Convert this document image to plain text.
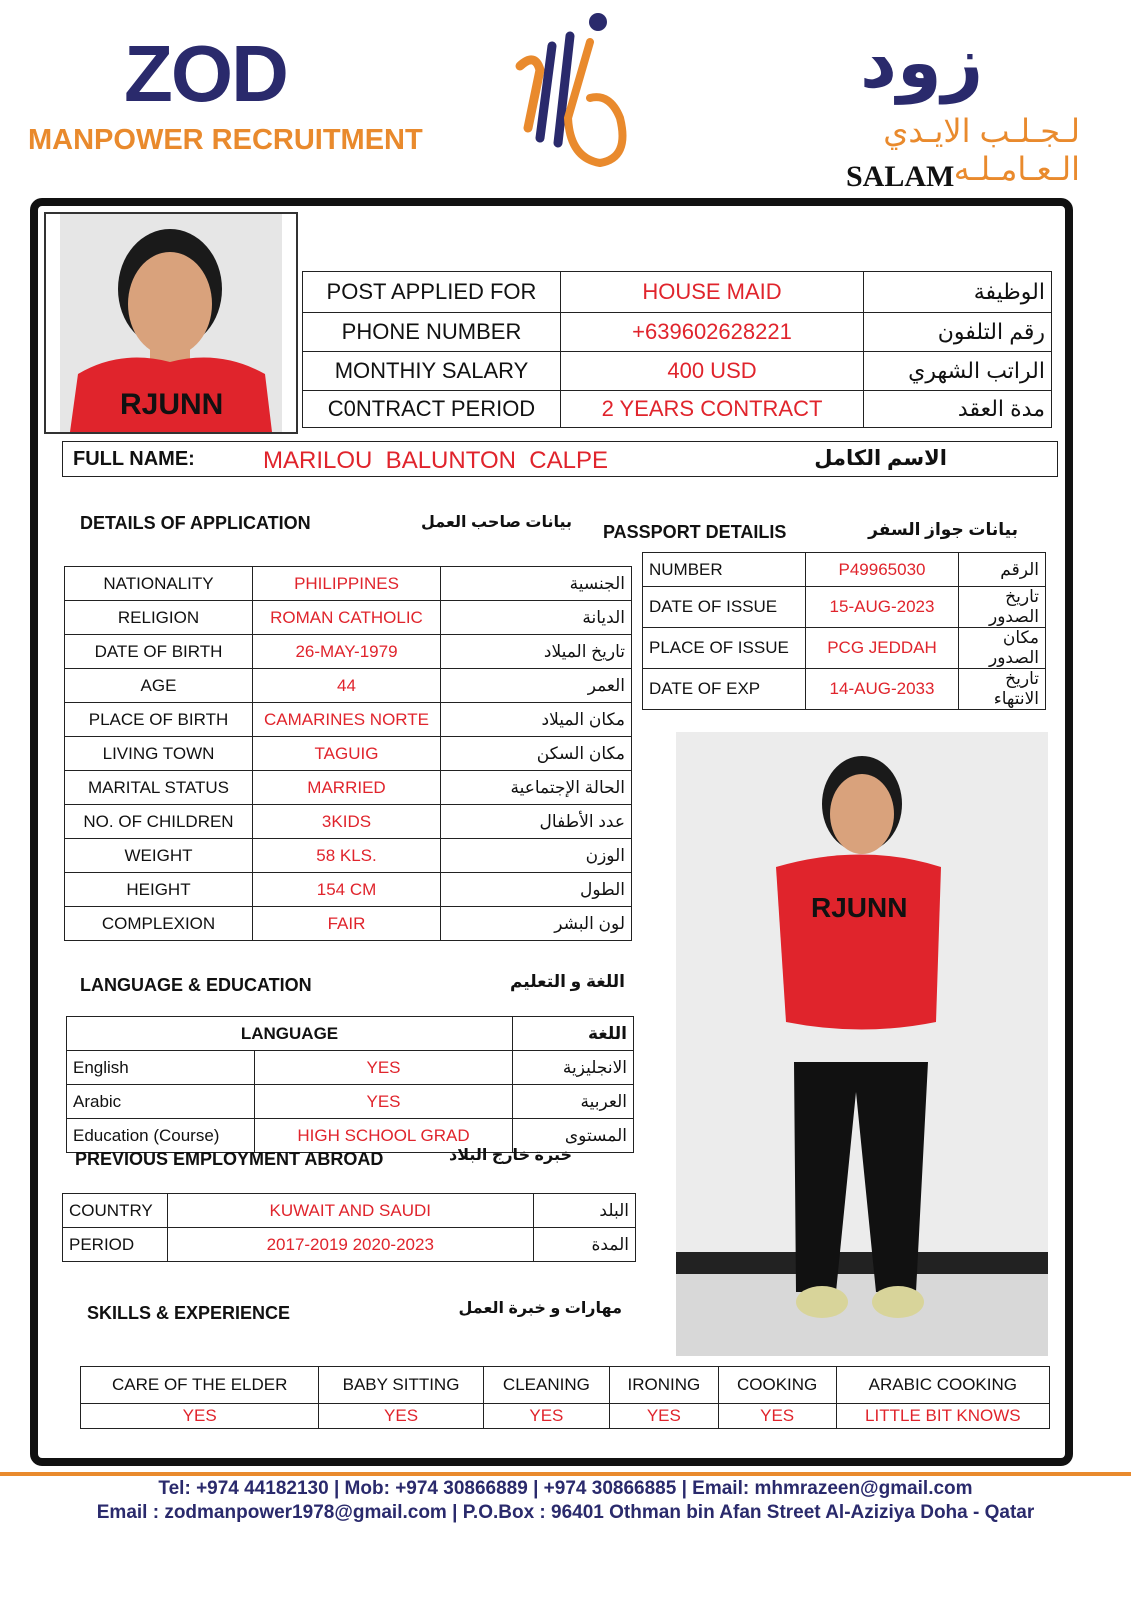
ZOD
MANPOWER RECRUITMENT
زود
لـجـلـب الايـدي الـعـامـلـه
SALAM
RJUNN
POST APPLIED FOR	HOUSE MAID	الوظيفة
PHONE NUMBER	+639602628221	رقم التلفون
MONTHIY SALARY	400 USD	الراتب الشهري
C0NTRACT PERIOD	2 YEARS CONTRACT	مدة العقد
FULL NAME:	MARILOU  BALUNTON  CALPE	الاسم الكامل
DETAILS OF APPLICATION	بيانات صاحب العمل
NATIONALITY	PHILIPPINES	الجنسية
RELIGION	ROMAN CATHOLIC	الديانة
DATE OF BIRTH	26-MAY-1979	تاريخ الميلاد
AGE	44	العمر
PLACE OF BIRTH	CAMARINES NORTE	مكان الميلاد
LIVING TOWN	TAGUIG	مكان السكن
MARITAL STATUS	MARRIED	الحالة الإجتماعية
NO. OF CHILDREN	3KIDS	عدد الأطفال
WEIGHT	58 KLS.	الوزن
HEIGHT	154 CM	الطول
COMPLEXION	FAIR	لون البشر
PASSPORT DETAILIS	بيانات جواز السفر
NUMBER	P49965030	الرقم
DATE OF ISSUE	15-AUG-2023	تاريخ الصدور
PLACE OF ISSUE	PCG JEDDAH	مكان الصدور
DATE OF EXP	14-AUG-2033	تاريخ الانتهاء
RJUNN
LANGUAGE & EDUCATION	اللغة و التعليم
LANGUAGE		اللغة
English	YES	الانجليزية
Arabic	YES	العربية
Education (Course)	HIGH SCHOOL GRAD	المستوى
PREVIOUS EMPLOYMENT ABROAD	خبرة خارج البلاد
COUNTRY	KUWAIT AND SAUDI	البلد
PERIOD	2017-2019 2020-2023	المدة
SKILLS & EXPERIENCE	مهارات و خبرة العمل
CARE OF THE ELDER	BABY SITTING	CLEANING	IRONING	COOKING	ARABIC COOKING
YES	YES	YES	YES	YES	LITTLE BIT KNOWS
Tel: +974 44182130 | Mob: +974 30866889 | +974 30866885 | Email: mhmrazeen@gmail.com
Email : zodmanpower1978@gmail.com | P.O.Box : 96401 Othman bin Afan Street Al-Aziziya Doha - Qatar
